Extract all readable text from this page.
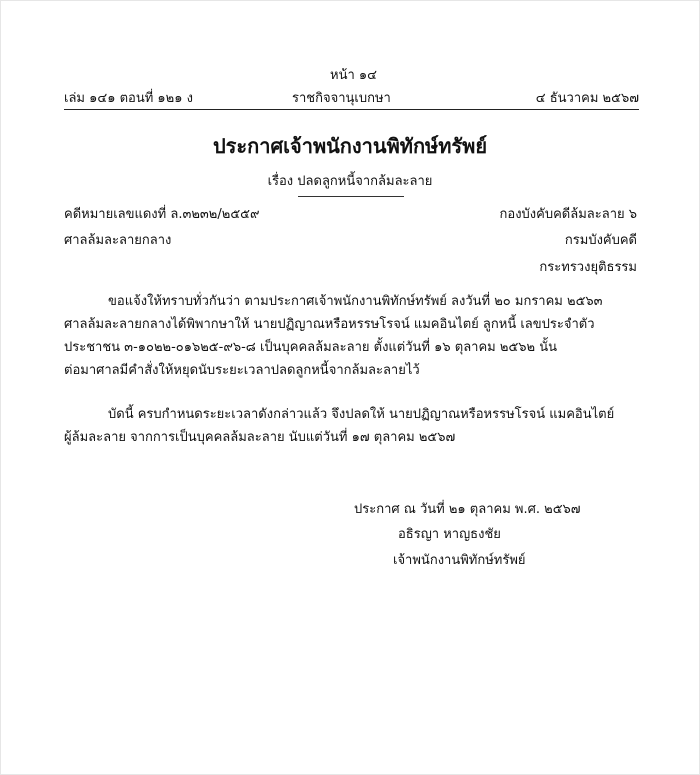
หน้า ๑๔
เล่ม ๑๔๑ ตอนที่ ๑๒๑ ง	ราชกิจจานุเบกษา	๔ ธันวาคม ๒๕๖๗
ประกาศเจ้าพนักงานพิทักษ์ทรัพย์
เรื่อง ปลดลูกหนี้จากล้มละลาย
คดีหมายเลขแดงที่ ล.๓๒๓๒/๒๕๕๙
ศาลล้มละลายกลาง
กองบังคับคดีล้มละลาย ๖
กรมบังคับคดี
กระทรวงยุติธรรม
ขอแจ้งให้ทราบทั่วกันว่า ตามประกาศเจ้าพนักงานพิทักษ์ทรัพย์ ลงวันที่ ๒๐ มกราคม ๒๕๖๓
ศาลล้มละลายกลางได้พิพากษาให้ นายปฏิญาณหรือหรรษโรจน์ แมคอินไตย์ ลูกหนี้ เลขประจำตัว
ประชาชน ๓-๑๐๒๒-๐๑๖๒๕-๙๖-๘ เป็นบุคคลล้มละลาย ตั้งแต่วันที่ ๑๖ ตุลาคม ๒๕๖๒ นั้น
ต่อมาศาลมีคำสั่งให้หยุดนับระยะเวลาปลดลูกหนี้จากล้มละลายไว้
บัดนี้ ครบกำหนดระยะเวลาดังกล่าวแล้ว จึงปลดให้ นายปฏิญาณหรือหรรษโรจน์ แมคอินไตย์
ผู้ล้มละลาย จากการเป็นบุคคลล้มละลาย นับแต่วันที่ ๑๗ ตุลาคม ๒๕๖๗
ประกาศ ณ วันที่ ๒๑ ตุลาคม พ.ศ. ๒๕๖๗
อธิรญา หาญธงชัย
เจ้าพนักงานพิทักษ์ทรัพย์
